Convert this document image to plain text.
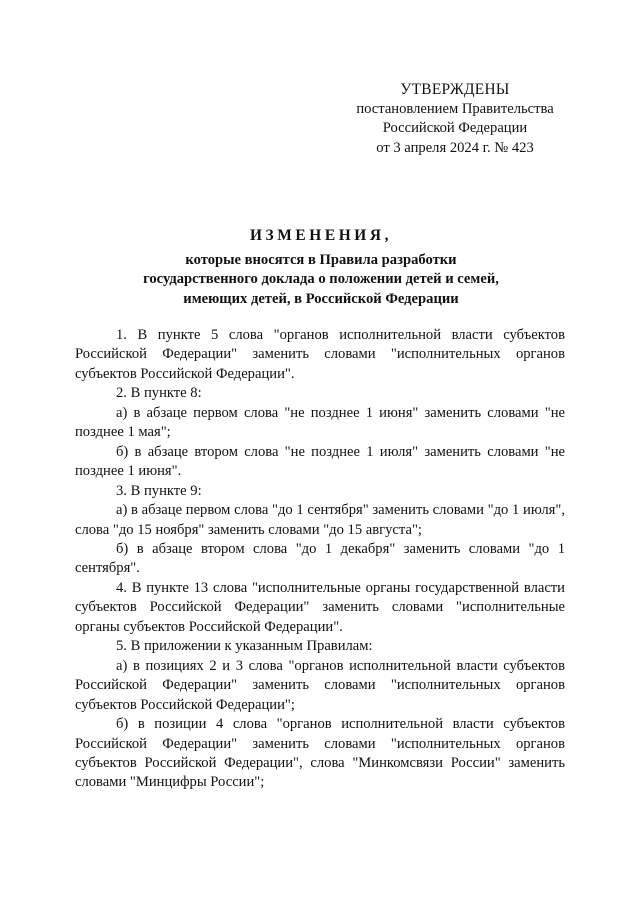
УТВЕРЖДЕНЫ
постановлением Правительства
Российской Федерации
от 3 апреля 2024 г. № 423
ИЗМЕНЕНИЯ,
которые вносятся в Правила разработки
государственного доклада о положении детей и семей,
имеющих детей, в Российской Федерации

1. В пункте 5 слова "органов исполнительной власти субъектов Российской Федерации" заменить словами "исполнительных органов субъектов Российской Федерации".

2. В пункте 8:

а) в абзаце первом слова "не позднее 1 июня" заменить словами "не позднее 1 мая";

б) в абзаце втором слова "не позднее 1 июля" заменить словами "не позднее 1 июня".

3. В пункте 9:

а) в абзаце первом слова "до 1 сентября" заменить словами "до 1 июля", слова "до 15 ноября" заменить словами "до 15 августа";

б) в абзаце втором слова "до 1 декабря" заменить словами "до 1 сентября".

4. В пункте 13 слова "исполнительные органы государственной власти субъектов Российской Федерации" заменить словами "исполнительные органы субъектов Российской Федерации".

5. В приложении к указанным Правилам:

а) в позициях 2 и 3 слова "органов исполнительной власти субъектов Российской Федерации" заменить словами "исполнительных органов субъектов Российской Федерации";

б) в позиции 4 слова "органов исполнительной власти субъектов Российской Федерации" заменить словами "исполнительных органов субъектов Российской Федерации", слова "Минкомсвязи России" заменить словами "Минцифры России";
